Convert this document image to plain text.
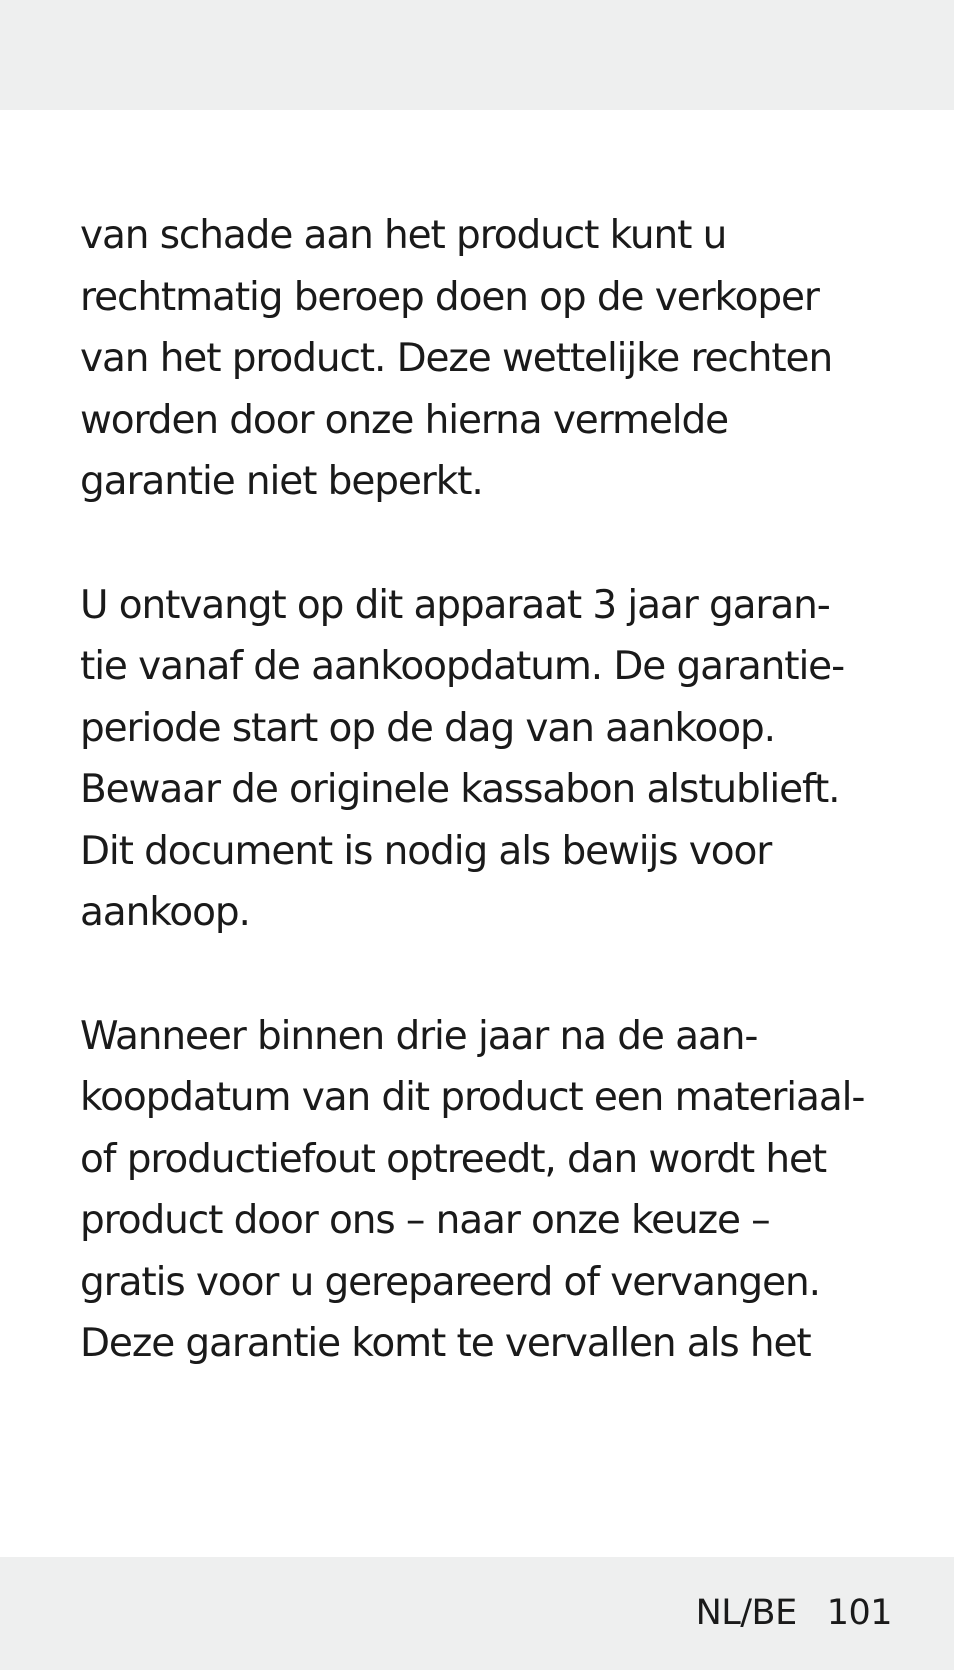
van schade aan het product kunt u
rechtmatig beroep doen op de verkoper
van het product. Deze wettelijke rechten
worden door onze hierna vermelde
garantie niet beperkt.

U ontvangt op dit apparaat 3 jaar garan-
tie vanaf de aankoopdatum. De garantie-
periode start op de dag van aankoop.
Bewaar de originele kassabon alstublieft.
Dit document is nodig als bewijs voor
aankoop.

Wanneer binnen drie jaar na de aan-
koopdatum van dit product een materiaal-
of productiefout optreedt, dan wordt het
product door ons – naar onze keuze –
gratis voor u gerepareerd of vervangen.
Deze garantie komt te vervallen als het

NL/BE 101
